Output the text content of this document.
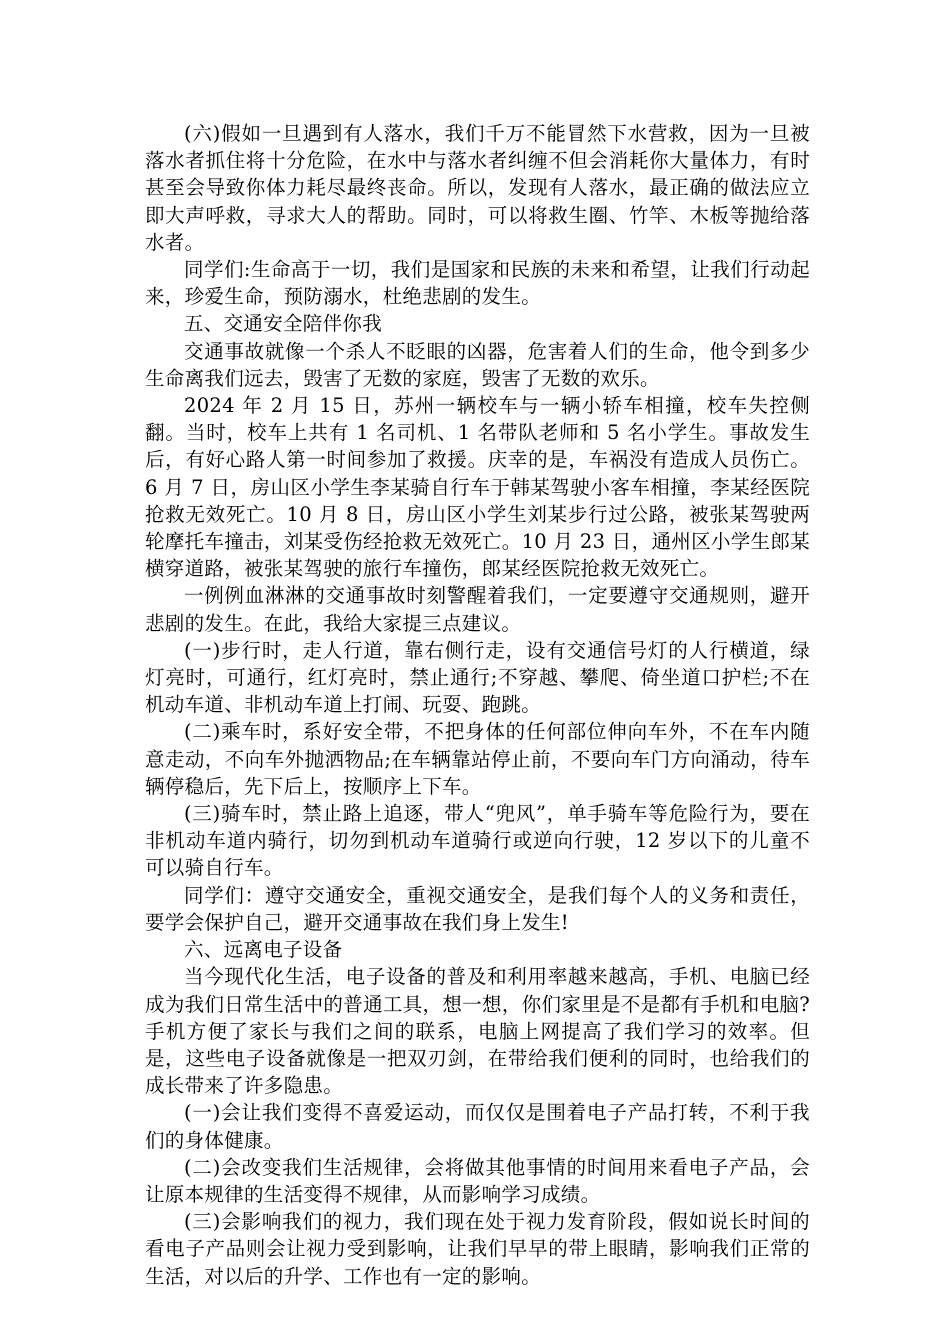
(六)假如一旦遇到有人落水，我们千万不能冒然下水营救，因为一旦被落水者抓住将十分危险，在水中与落水者纠缠不但会消耗你大量体力，有时甚至会导致你体力耗尽最终丧命。所以，发现有人落水，最正确的做法应立即大声呼救，寻求大人的帮助。同时，可以将救生圈、竹竿、木板等抛给落水者。

同学们:生命高于一切，我们是国家和民族的未来和希望，让我们行动起来，珍爱生命，预防溺水，杜绝悲剧的发生。

五、交通安全陪伴你我

交通事故就像一个杀人不眨眼的凶器，危害着人们的生命，他令到多少生命离我们远去，毁害了无数的家庭，毁害了无数的欢乐。

2024 年 2 月 15 日，苏州一辆校车与一辆小轿车相撞，校车失控侧翻。当时，校车上共有 1 名司机、1 名带队老师和 5 名小学生。事故发生后，有好心路人第一时间参加了救援。庆幸的是，车祸没有造成人员伤亡。6 月 7 日，房山区小学生李某骑自行车于韩某驾驶小客车相撞，李某经医院抢救无效死亡。10 月 8 日，房山区小学生刘某步行过公路，被张某驾驶两轮摩托车撞击，刘某受伤经抢救无效死亡。10 月 23 日，通州区小学生郎某横穿道路，被张某驾驶的旅行车撞伤，郎某经医院抢救无效死亡。

一例例血淋淋的交通事故时刻警醒着我们，一定要遵守交通规则，避开悲剧的发生。在此，我给大家提三点建议。

(一)步行时，走人行道，靠右侧行走，设有交通信号灯的人行横道，绿灯亮时，可通行，红灯亮时，禁止通行;不穿越、攀爬、倚坐道口护栏;不在机动车道、非机动车道上打闹、玩耍、跑跳。

(二)乘车时，系好安全带，不把身体的任何部位伸向车外，不在车内随意走动，不向车外抛洒物品;在车辆靠站停止前，不要向车门方向涌动，待车辆停稳后，先下后上，按顺序上下车。

(三)骑车时，禁止路上追逐，带人“兜风”，单手骑车等危险行为，要在非机动车道内骑行，切勿到机动车道骑行或逆向行驶，12 岁以下的儿童不可以骑自行车。

同学们：遵守交通安全，重视交通安全，是我们每个人的义务和责任，要学会保护自己，避开交通事故在我们身上发生!

六、远离电子设备

当今现代化生活，电子设备的普及和利用率越来越高，手机、电脑已经成为我们日常生活中的普通工具，想一想，你们家里是不是都有手机和电脑?手机方便了家长与我们之间的联系，电脑上网提高了我们学习的效率。但是，这些电子设备就像是一把双刃剑，在带给我们便利的同时，也给我们的成长带来了许多隐患。

(一)会让我们变得不喜爱运动，而仅仅是围着电子产品打转，不利于我们的身体健康。

(二)会改变我们生活规律，会将做其他事情的时间用来看电子产品，会让原本规律的生活变得不规律，从而影响学习成绩。

(三)会影响我们的视力，我们现在处于视力发育阶段，假如说长时间的看电子产品则会让视力受到影响，让我们早早的带上眼睛，影响我们正常的生活，对以后的升学、工作也有一定的影响。
